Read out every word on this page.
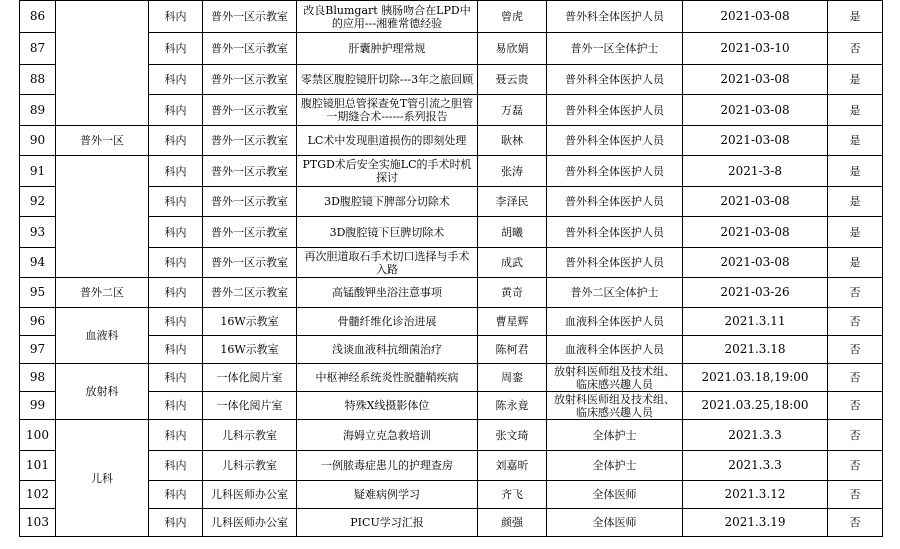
86		科内	普外一区示教室	改良Blumgart 胰肠吻合在LPD中的应用---湘雅常德经验	曾虎	普外科全体医护人员	2021-03-08	是
87		科内	普外一区示教室	肝囊肿护理常规	易欣娟	普外一区全体护士	2021-03-10	否
88		科内	普外一区示教室	零禁区腹腔镜肝切除---3年之旅回顾	聂云贵	普外科全体医护人员	2021-03-08	是
89		科内	普外一区示教室	腹腔镜胆总管探查免T管引流之胆管一期缝合术------系列报告	万磊	普外科全体医护人员	2021-03-08	是
90	普外一区	科内	普外一区示教室	LC术中发现胆道损伤的即刻处理	耿林	普外科全体医护人员	2021-03-08	是
91		科内	普外一区示教室	PTGD术后安全实施LC的手术时机探讨	张涛	普外科全体医护人员	2021-3-8	是
92		科内	普外一区示教室	3D腹腔镜下脾部分切除术	李泽民	普外科全体医护人员	2021-03-08	是
93		科内	普外一区示教室	3D腹腔镜下巨脾切除术	胡曦	普外科全体医护人员	2021-03-08	是
94		科内	普外一区示教室	再次胆道取石手术切口选择与手术入路	成武	普外科全体医护人员	2021-03-08	是
95	普外二区	科内	普外二区示教室	高锰酸钾坐浴注意事项	黄奇	普外二区全体护士	2021-03-26	否
96	血液科	科内	16W示教室	骨髓纤维化诊治进展	曹星辉	血液科全体医护人员	2021.3.11	否
97		科内	16W示教室	浅谈血液科抗细菌治疗	陈柯君	血液科全体医护人员	2021.3.18	否
98	放射科	科内	一体化阅片室	中枢神经系统炎性脱髓鞘疾病	周銮	放射科医师组及技术组、临床感兴趣人员	2021.03.18,19:00	否
99		科内	一体化阅片室	特殊X线摄影体位	陈永竟	放射科医师组及技术组、临床感兴趣人员	2021.03.25,18:00	否
100	儿科	科内	儿科示教室	海姆立克急救培训	张文琦	全体护士	2021.3.3	否
101		科内	儿科示教室	一例脓毒症患儿的护理查房	刘嘉昕	全体护士	2021.3.3	否
102		科内	儿科医师办公室	疑难病例学习	齐飞	全体医师	2021.3.12	否
103		科内	儿科医师办公室	PICU学习汇报	颜强	全体医师	2021.3.19	否
